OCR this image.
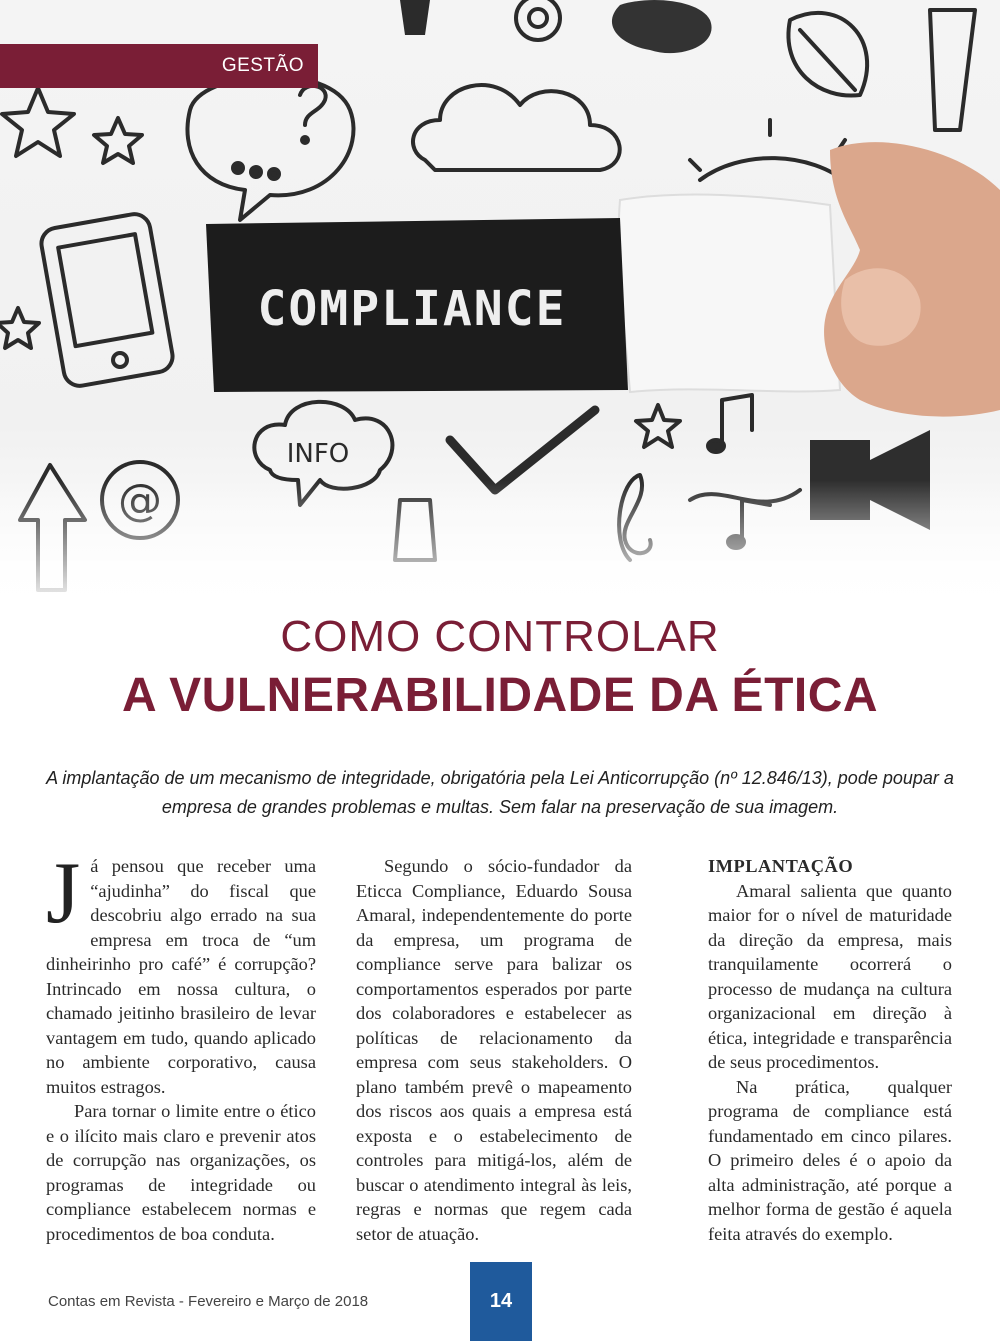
COMPLIANCE
INFO
GESTÃO
COMO CONTROLAR
A VULNERABILIDADE DA ÉTICA
A implantação de um mecanismo de integridade, obrigatória pela Lei Anticorrupção (nº 12.846/13), pode poupar a empresa de grandes problemas e multas. Sem falar na preservação de sua imagem.

Já pensou que receber uma “ajudinha” do fiscal que descobriu algo errado na sua empresa em troca de “um dinheirinho pro café” é corrupção? Intrincado em nossa cultura, o chamado jeitinho brasileiro de levar vantagem em tudo, quando aplicado no ambiente corporativo, causa muitos estragos.

Para tornar o limite entre o ético e o ilícito mais claro e prevenir atos de corrupção nas organizações, os programas de integridade ou compliance estabelecem normas e procedimentos de boa conduta.

Segundo o sócio-fundador da Eticca Compliance, Eduardo Sousa Amaral, independentemente do porte da empresa, um programa de compliance serve para balizar os comportamentos esperados por parte dos colaboradores e estabelecer as políticas de relacionamento da empresa com seus stakeholders. O plano também prevê o mapeamento dos riscos aos quais a empresa está exposta e o estabelecimento de controles para mitigá-los, além de buscar o atendimento integral às leis, regras e normas que regem cada setor de atuação.

IMPLANTAÇÃO

Amaral salienta que quanto maior for o nível de maturidade da direção da empresa, mais tranquilamente ocorrerá o processo de mudança na cultura organizacional em direção à ética, integridade e transparência de seus procedimentos.

Na prática, qualquer programa de compliance está fundamentado em cinco pilares. O primeiro deles é o apoio da alta administração, até porque a melhor forma de gestão é aquela feita através do exemplo.

Contas em Revista - Fevereiro e Março de 2018	14
